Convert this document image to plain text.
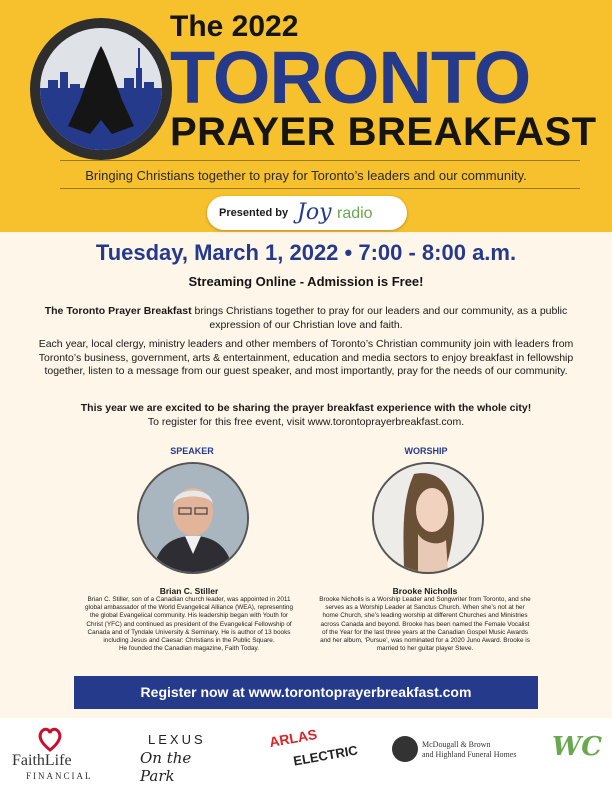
The 2022
TORONTO
PRAYER BREAKFAST
Bringing Christians together to pray for Toronto’s leaders and our community.
Presented by Joy radio
Tuesday, March 1, 2022 • 7:00 - 8:00 a.m.
Streaming Online - Admission is Free!
The Toronto Prayer Breakfast brings Christians together to pray for our leaders and our community, as a public expression of our Christian love and faith.
Each year, local clergy, ministry leaders and other members of Toronto’s Christian community join with leaders from Toronto’s business, government, arts & entertainment, education and media sectors to enjoy breakfast in fellowship together, listen to a message from our guest speaker, and most importantly, pray for the needs of our community.
This year we are excited to be sharing the prayer breakfast experience with the whole city!
To register for this free event, visit www.torontoprayerbreakfast.com.
SPEAKER	WORSHIP
Brian C. Stiller
Brian C. Stiller, son of a Canadian church leader, was appointed in 2011 global ambassador of the World Evangelical Alliance (WEA), representing the global Evangelical community. His leadership began with Youth for Christ (YFC) and continued as president of the Evangelical Fellowship of Canada and of Tyndale University & Seminary. He is author of 13 books including Jesus and Caesar: Christians in the Public Square.
He founded the Canadian magazine, Faith Today.
Brooke Nicholls
Brooke Nicholls is a Worship Leader and Songwriter from Toronto, and she serves as a Worship Leader at Sanctus Church. When she’s not at her home Church, she’s leading worship at different Churches and Ministries across Canada and beyond. Brooke has been named the Female Vocalist of the Year for the last three years at the Canadian Gospel Music Awards and her album, ‘Pursue’, was nominated for a 2020 Juno Award. Brooke is married to her guitar player Steve.
Register now at www.torontoprayerbreakfast.com
FaithLife
FINANCIAL
LEXUS
On the Park
ARLAS
ELECTRIC	McDougall & Brown
and Highland Funeral Homes WC
